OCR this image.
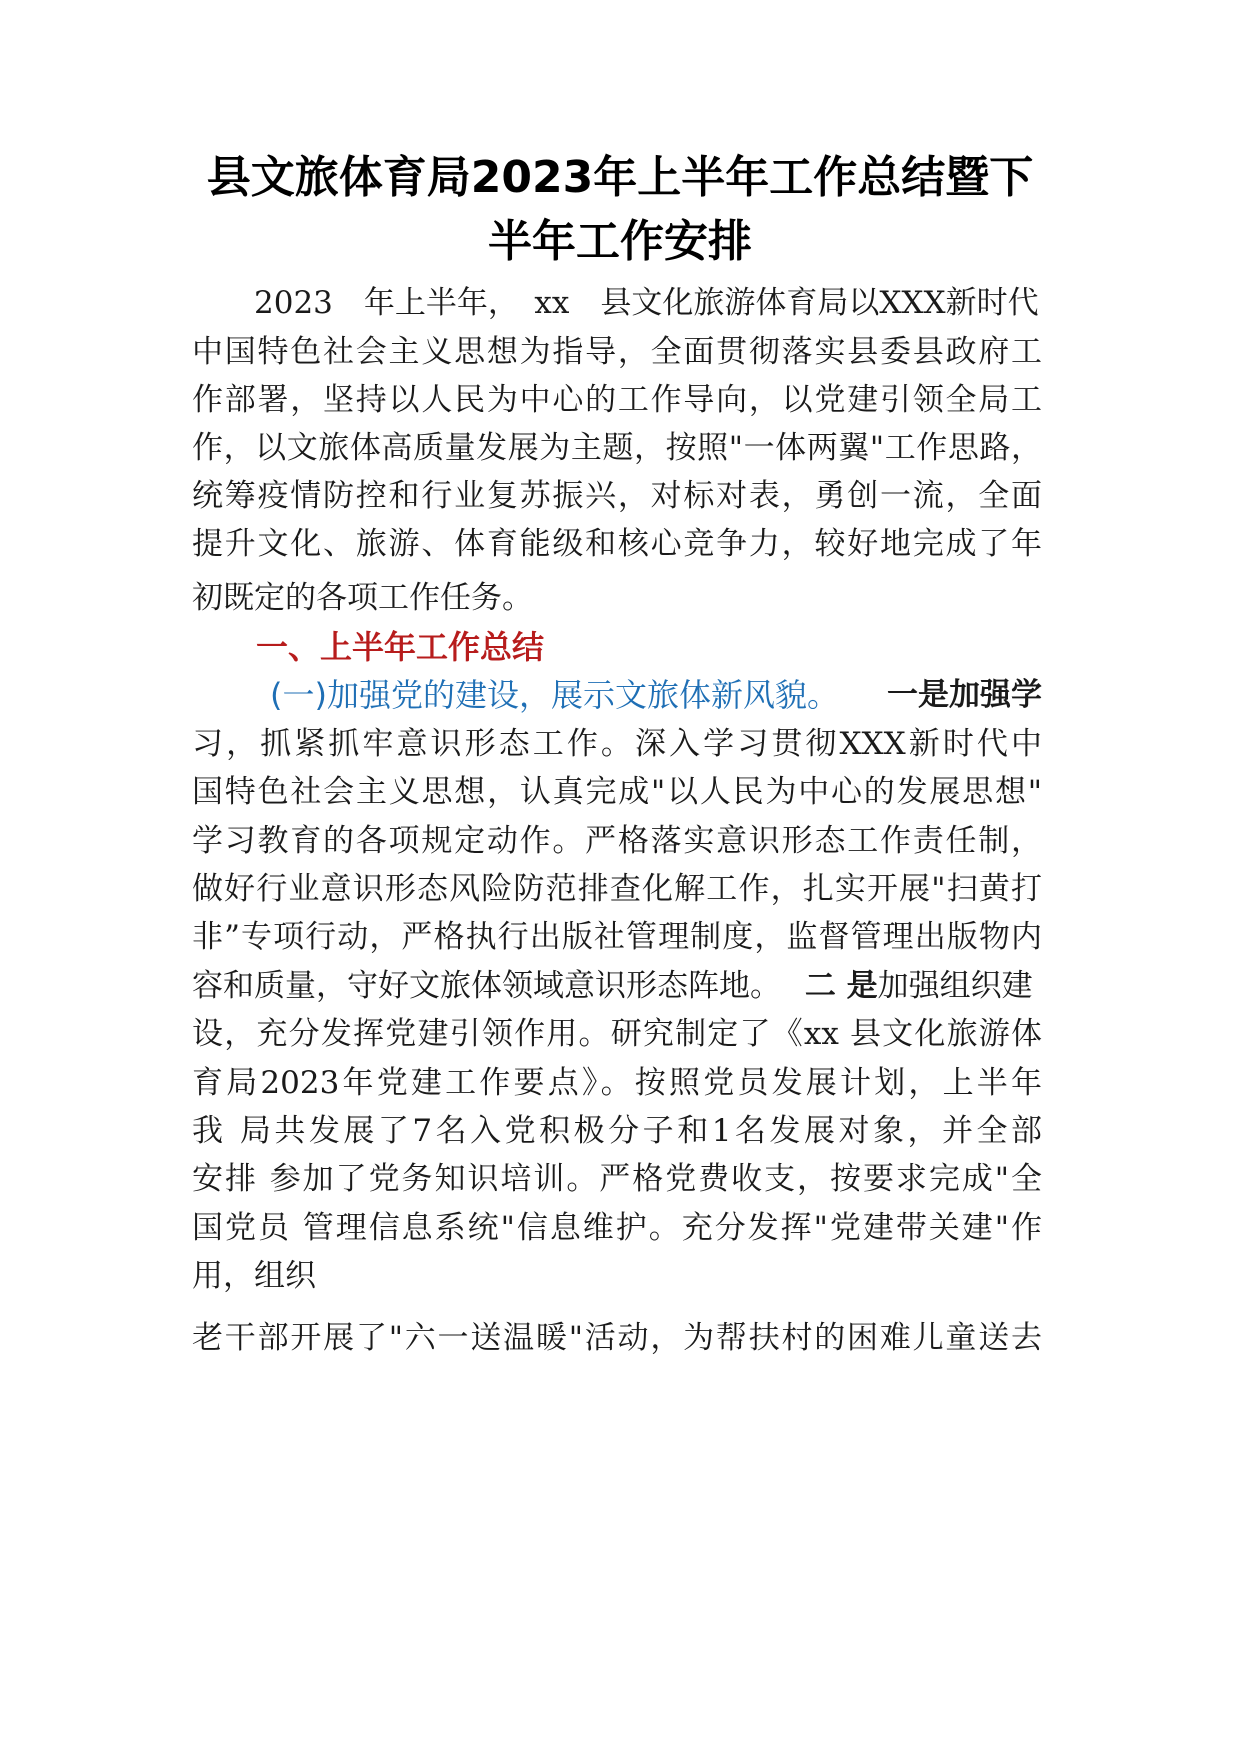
县文旅体育局2023年上半年工作总结暨下
半年工作安排
2023　年上半年，　xx　县文化旅游体育局以XXX新时代
中国特色社会主义思想为指导，全面贯彻落实县委县政府工
作部署，坚持以人民为中心的工作导向，以党建引领全局工
作，以文旅体高质量发展为主题，按照"一体两翼"工作思路，
统筹疫情防控和行业复苏振兴，对标对表，勇创一流，全面
提升文化、旅游、体育能级和核心竞争力，较好地完成了年
初既定的各项工作任务。
一、上半年工作总结
(一)加强党的建设，展示文旅体新风貌。 一是加强学
习，抓紧抓牢意识形态工作。深入学习贯彻XXX新时代中
国特色社会主义思想，认真完成"以人民为中心的发展思想"
学习教育的各项规定动作。严格落实意识形态工作责任制，
做好行业意识形态风险防范排查化解工作，扎实开展"扫黄打
非”专项行动，严格执行出版社管理制度，监督管理出版物内
容和质量，守好文旅体领域意识形态阵地。 二 是加强组织建
设，充分发挥党建引领作用。研究制定了《xx 县文化旅游体
育局2023年党建工作要点》。按照党员发展计划，上半年
我 局共发展了7名入党积极分子和1名发展对象，并全部
安排 参加了党务知识培训。严格党费收支，按要求完成"全
国党员 管理信息系统"信息维护。充分发挥"党建带关建"作
用，组织
老干部开展了"六一送温暖"活动，为帮扶村的困难儿童送去
